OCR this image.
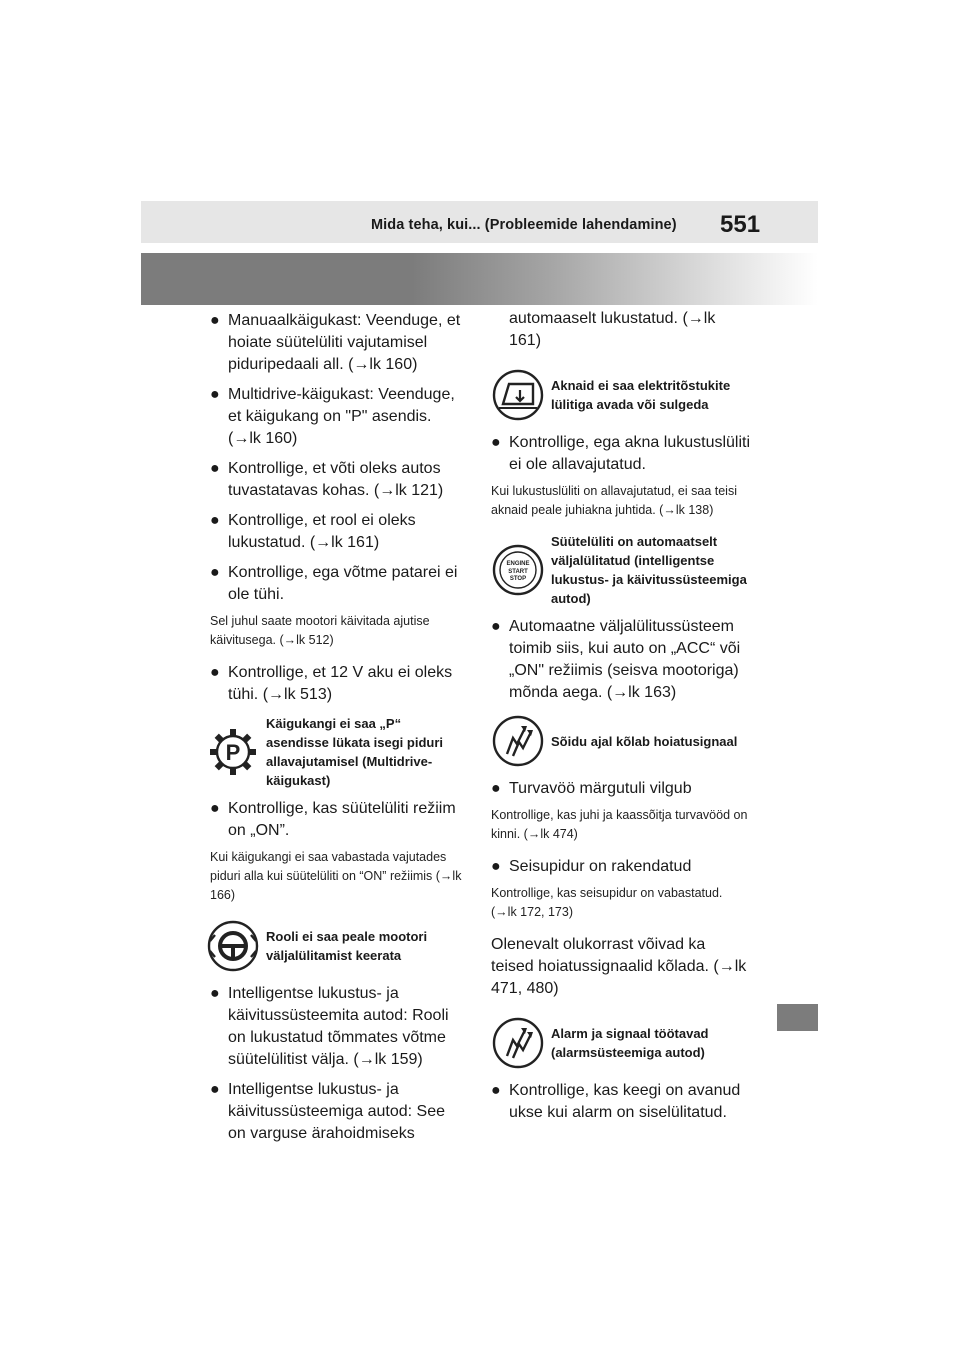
Mida teha, kui... (Probleemide lahendamine) 551
● Manuaalkäigukast: Veenduge, et hoiate süütelüliti vajutamisel piduripedaali all. (→lk 160)
● Multidrive-käigukast: Veenduge, et käigukang on "P" asendis. (→lk 160)
● Kontrollige, et võti oleks autos tuvastatavas kohas. (→lk 121)
● Kontrollige, et rool ei oleks lukustatud. (→lk 161)
● Kontrollige, ega võtme patarei ei ole tühi.
Sel juhul saate mootori käivitada ajutise käivitusega. (→lk 512)
● Kontrollige, et 12 V aku ei oleks tühi. (→lk 513)
P
Käigukangi ei saa „P“ asendisse lükata isegi piduri allavajutamisel (Multidrive-käigukast)
● Kontrollige, kas süütelüliti režiim on „ON”.
Kui käigukangi ei saa vabastada vajutades piduri alla kui süütelüliti on “ON” režiimis (→lk 166)
Rooli ei saa peale mootori väljalülitamist keerata
● Intelligentse lukustus- ja käivitussüsteemita autod: Rooli on lukustatud tõmmates võtme süütelülitist välja. (→lk 159)
● Intelligentse lukustus- ja käivitussüsteemiga autod: See on varguse ärahoidmiseks
automaaselt lukustatud. (→lk 161)
Aknaid ei saa elektritõstukite lülitiga avada või sulgeda
● Kontrollige, ega akna lukustuslüliti ei ole allavajutatud.
Kui lukustuslüliti on allavajutatud, ei saa teisi aknaid peale juhiakna juhtida. (→lk 138)
ENGINE
START
STOP
Süütelüliti on automaatselt väljalülitatud (intelligentse lukustus- ja käivitussüsteemiga autod)
● Automaatne väljalülitussüsteem toimib siis, kui auto on „ACC“ või „ON" režiimis (seisva mootoriga) mõnda aega. (→lk 163)
Sõidu ajal kõlab hoiatusignaal
● Turvavöö märgutuli vilgub
Kontrollige, kas juhi ja kaassõitja turvavööd on kinni. (→lk 474)
● Seisupidur on rakendatud
Kontrollige, kas seisupidur on vabastatud. (→lk 172, 173)
Olenevalt olukorrast võivad ka teised hoiatussignaalid kõlada. (→lk 471, 480)
Alarm ja signaal töötavad (alarmsüsteemiga autod)
● Kontrollige, kas keegi on avanud ukse kui alarm on siselülitatud.
